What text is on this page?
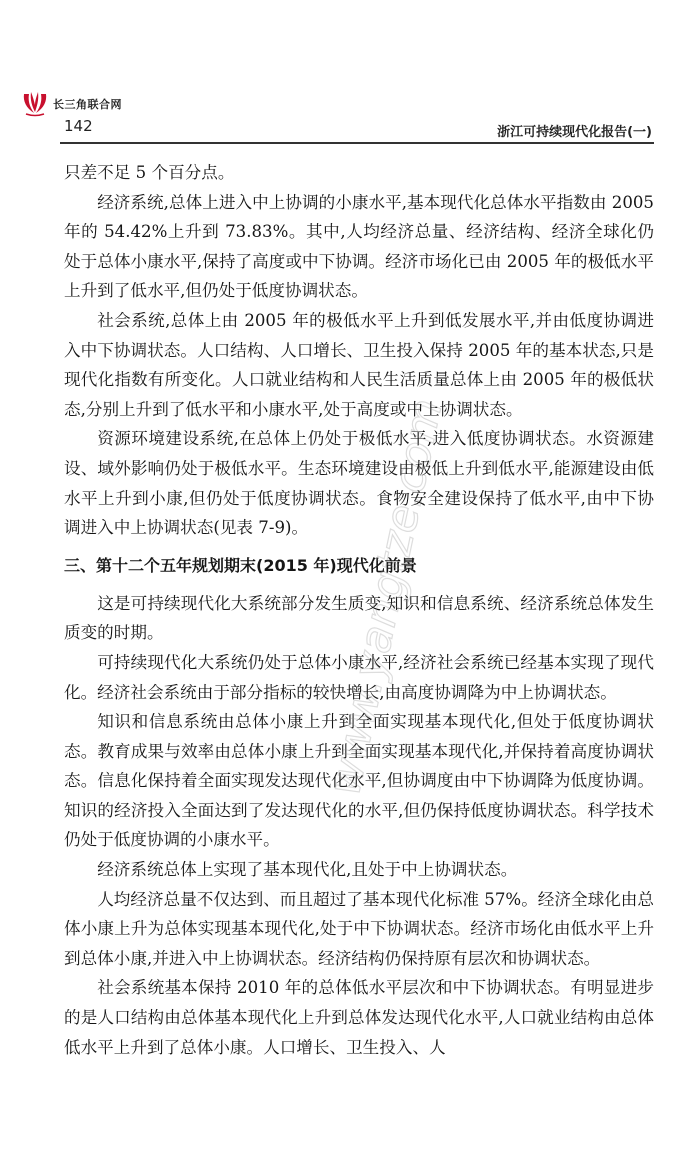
长三角联合网
142	浙江可持续现代化报告(一)

只差不足 5 个百分点。

经济系统,总体上进入中上协调的小康水平,基本现代化总体水平指数由 2005 年的 54.42%上升到 73.83%。其中,人均经济总量、经济结构、经济全球化仍处于总体小康水平,保持了高度或中下协调。经济市场化已由 2005 年的极低水平上升到了低水平,但仍处于低度协调状态。

社会系统,总体上由 2005 年的极低水平上升到低发展水平,并由低度协调进入中下协调状态。人口结构、人口增长、卫生投入保持 2005 年的基本状态,只是现代化指数有所变化。人口就业结构和人民生活质量总体上由 2005 年的极低状态,分别上升到了低水平和小康水平,处于高度或中上协调状态。

资源环境建设系统,在总体上仍处于极低水平,进入低度协调状态。水资源建设、域外影响仍处于极低水平。生态环境建设由极低上升到低水平,能源建设由低水平上升到小康,但仍处于低度协调状态。食物安全建设保持了低水平,由中下协调进入中上协调状态(见表 7-9)。

三、第十二个五年规划期末(2015 年)现代化前景

这是可持续现代化大系统部分发生质变,知识和信息系统、经济系统总体发生质变的时期。

可持续现代化大系统仍处于总体小康水平,经济社会系统已经基本实现了现代化。经济社会系统由于部分指标的较快增长,由高度协调降为中上协调状态。

知识和信息系统由总体小康上升到全面实现基本现代化,但处于低度协调状态。教育成果与效率由总体小康上升到全面实现基本现代化,并保持着高度协调状态。信息化保持着全面实现发达现代化水平,但协调度由中下协调降为低度协调。知识的经济投入全面达到了发达现代化的水平,但仍保持低度协调状态。科学技术仍处于低度协调的小康水平。

经济系统总体上实现了基本现代化,且处于中上协调状态。

人均经济总量不仅达到、而且超过了基本现代化标准 57%。经济全球化由总体小康上升为总体实现基本现代化,处于中下协调状态。经济市场化由低水平上升到总体小康,并进入中上协调状态。经济结构仍保持原有层次和协调状态。

社会系统基本保持 2010 年的总体低水平层次和中下协调状态。有明显进步的是人口结构由总体基本现代化上升到总体发达现代化水平,人口就业结构由总体低水平上升到了总体小康。人口增长、卫生投入、人

www.yangtze.com
